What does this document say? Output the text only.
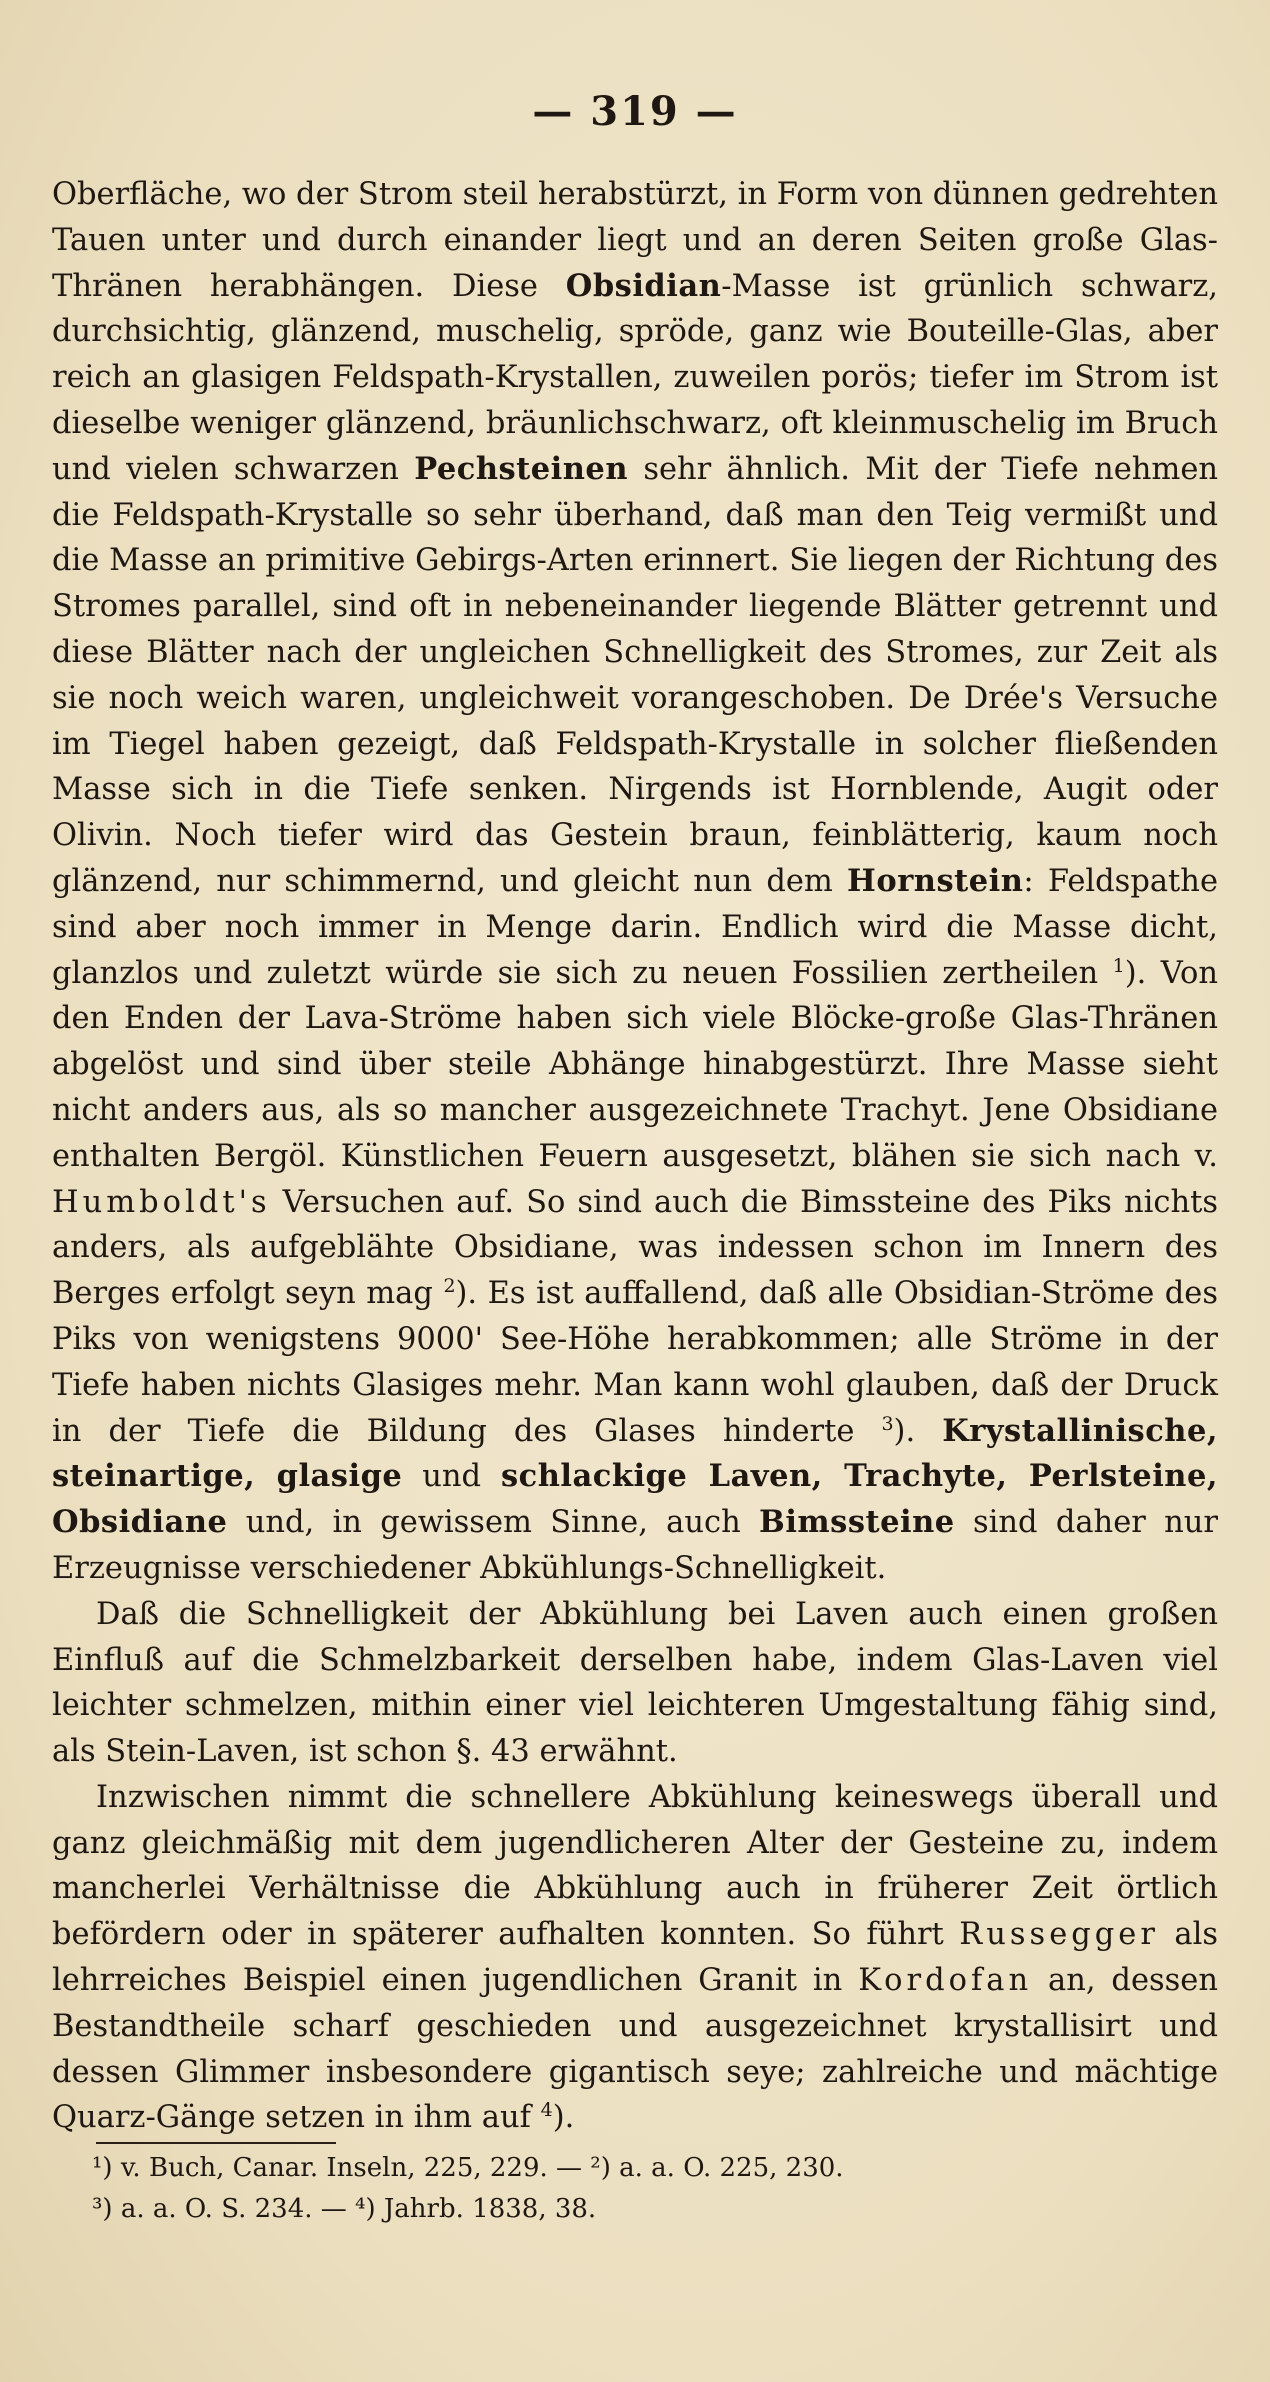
— 319 —

Oberfläche, wo der Strom steil herabstürzt, in Form von dünnen gedrehten Tauen unter und durch einander liegt und an deren Seiten große Glas-Thränen herabhängen. Diese Obsidian-Masse ist grünlich schwarz, durchsichtig, glänzend, muschelig, spröde, ganz wie Bouteille-Glas, aber reich an glasigen Feldspath-Krystallen, zuweilen porös; tiefer im Strom ist dieselbe weniger glänzend, bräunlichschwarz, oft kleinmuschelig im Bruch und vielen schwarzen Pechsteinen sehr ähnlich. Mit der Tiefe nehmen die Feldspath-Krystalle so sehr überhand, daß man den Teig vermißt und die Masse an primitive Gebirgs-Arten erinnert. Sie liegen der Richtung des Stromes parallel, sind oft in nebeneinander liegende Blätter getrennt und diese Blätter nach der ungleichen Schnelligkeit des Stromes, zur Zeit als sie noch weich waren, ungleichweit vorangeschoben. De Drée's Versuche im Tiegel haben gezeigt, daß Feldspath-Krystalle in solcher fließenden Masse sich in die Tiefe senken. Nirgends ist Hornblende, Augit oder Olivin. Noch tiefer wird das Gestein braun, feinblätterig, kaum noch glänzend, nur schimmernd, und gleicht nun dem Hornstein: Feldspathe sind aber noch immer in Menge darin. Endlich wird die Masse dicht, glanzlos und zuletzt würde sie sich zu neuen Fossilien zertheilen $^1$). Von den Enden der Lava-Ströme haben sich viele Blöcke-große Glas-Thränen abgelöst und sind über steile Abhänge hinabgestürzt. Ihre Masse sieht nicht anders aus, als so mancher ausgezeichnete Trachyt. Jene Obsidiane enthalten Bergöl. Künstlichen Feuern ausgesetzt, blähen sie sich nach v. Humboldt's Versuchen auf. So sind auch die Bimssteine des Piks nichts anders, als aufgeblähte Obsidiane, was indessen schon im Innern des Berges erfolgt seyn mag $^2$). Es ist auffallend, daß alle Obsidian-Ströme des Piks von wenigstens 9000' See-Höhe herabkommen; alle Ströme in der Tiefe haben nichts Glasiges mehr. Man kann wohl glauben, daß der Druck in der Tiefe die Bildung des Glases hinderte $^3$). Krystallinische, steinartige, glasige und schlackige Laven, Trachyte, Perlsteine, Obsidiane und, in gewissem Sinne, auch Bimssteine sind daher nur Erzeugnisse verschiedener Abkühlungs-Schnelligkeit.

Daß die Schnelligkeit der Abkühlung bei Laven auch einen großen Einfluß auf die Schmelzbarkeit derselben habe, indem Glas-Laven viel leichter schmelzen, mithin einer viel leichteren Umgestaltung fähig sind, als Stein-Laven, ist schon §. 43 erwähnt.

Inzwischen nimmt die schnellere Abkühlung keineswegs überall und ganz gleichmäßig mit dem jugendlicheren Alter der Gesteine zu, indem mancherlei Verhältnisse die Abkühlung auch in früherer Zeit örtlich befördern oder in späterer aufhalten konnten. So führt Russegger als lehrreiches Beispiel einen jugendlichen Granit in Kordofan an, dessen Bestandtheile scharf geschieden und ausgezeichnet krystallisirt und dessen Glimmer insbesondere gigantisch seye; zahlreiche und mächtige Quarz-Gänge setzen in ihm auf $^4$).

¹) v. Buch, Canar. Inseln, 225, 229. — ²) a. a. O. 225, 230.
³) a. a. O. S. 234. — ⁴) Jahrb. 1838, 38.
